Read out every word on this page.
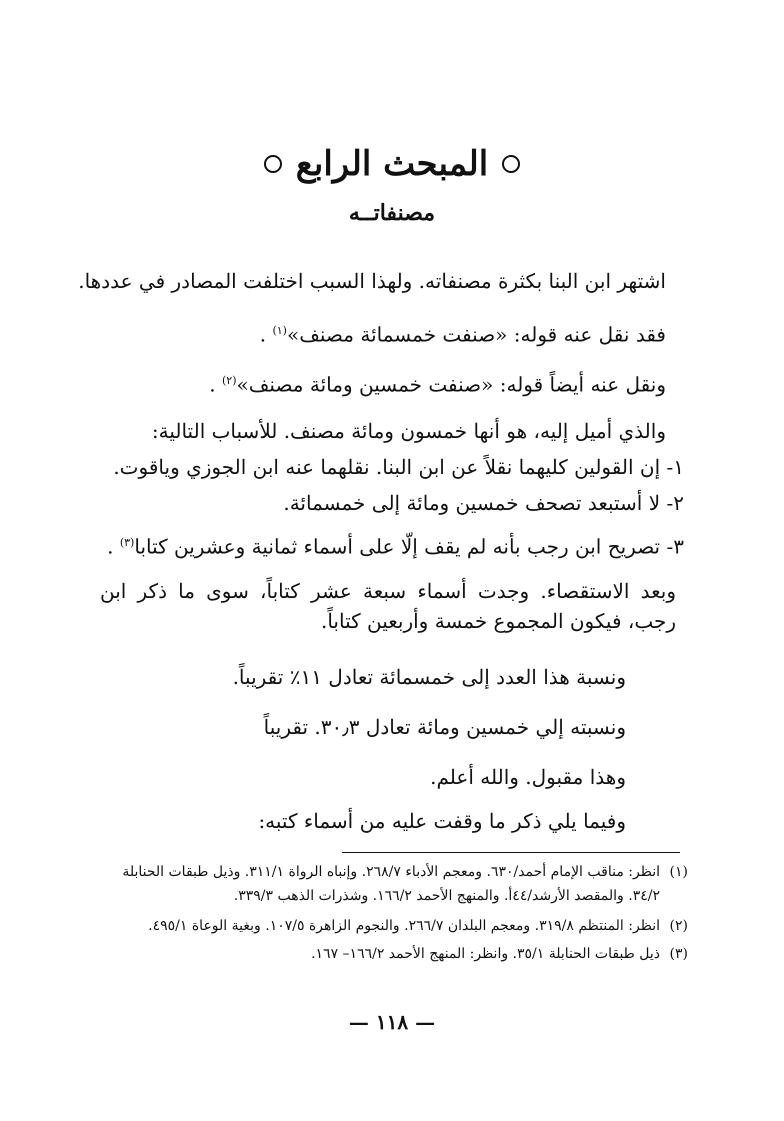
المبحث الرابع
مصنفاتــه
اشتهر ابن البنا بكثرة مصنفاته. ولهذا السبب اختلفت المصادر في عددها.
فقد نقل عنه قوله: «صنفت خمسمائة مصنف»$^{(١)}$ .
ونقل عنه أيضاً قوله: «صنفت خمسين ومائة مصنف»$^{(٢)}$ .
والذي أميل إليه، هو أنها خمسون ومائة مصنف. للأسباب التالية:
١- إن القولين كليهما نقلاً عن ابن البنا. نقلهما عنه ابن الجوزي وياقوت.
٢- لا أستبعد تصحف خمسين ومائة إلى خمسمائة.
٣- تصريح ابن رجب بأنه لم يقف إلّا على أسماء ثمانية وعشرين كتابا$^{(٣)}$ .
وبعد الاستقصاء. وجدت أسماء سبعة عشر كتاباً، سوى ما ذكر ابن رجب، فيكون المجموع خمسة وأربعين كتاباً.
ونسبة هذا العدد إلى خمسمائة تعادل ١١٪ تقريباً.
ونسبته إلي خمسين ومائة تعادل ٣٠٫٣. تقريباً
وهذا مقبول. والله أعلم.
وفيما يلي ذكر ما وقفت عليه من أسماء كتبه:
(١)انظر: مناقب الإمام أحمد/٦٣٠. ومعجم الأدباء ٢٦٨/٧. وإنباه الرواة ٣١١/١. وذيل طبقات الحنابلة
٣٤/٢. والمقصد الأرشد/٤٤أ. والمنهج الأحمد ١٦٦/٢. وشذرات الذهب ٣٣٩/٣.
(٢)انظر: المنتظم ٣١٩/٨. ومعجم البلدان ٢٦٦/٧. والنجوم الزاهرة ١٠٧/٥. وبغية الوعاة ٤٩٥/١.
(٣)ذيل طبقات الحنابلة ٣٥/١. وانظر: المنهج الأحمد ١٦٦/٢– ١٦٧.
— ١١٨ —
